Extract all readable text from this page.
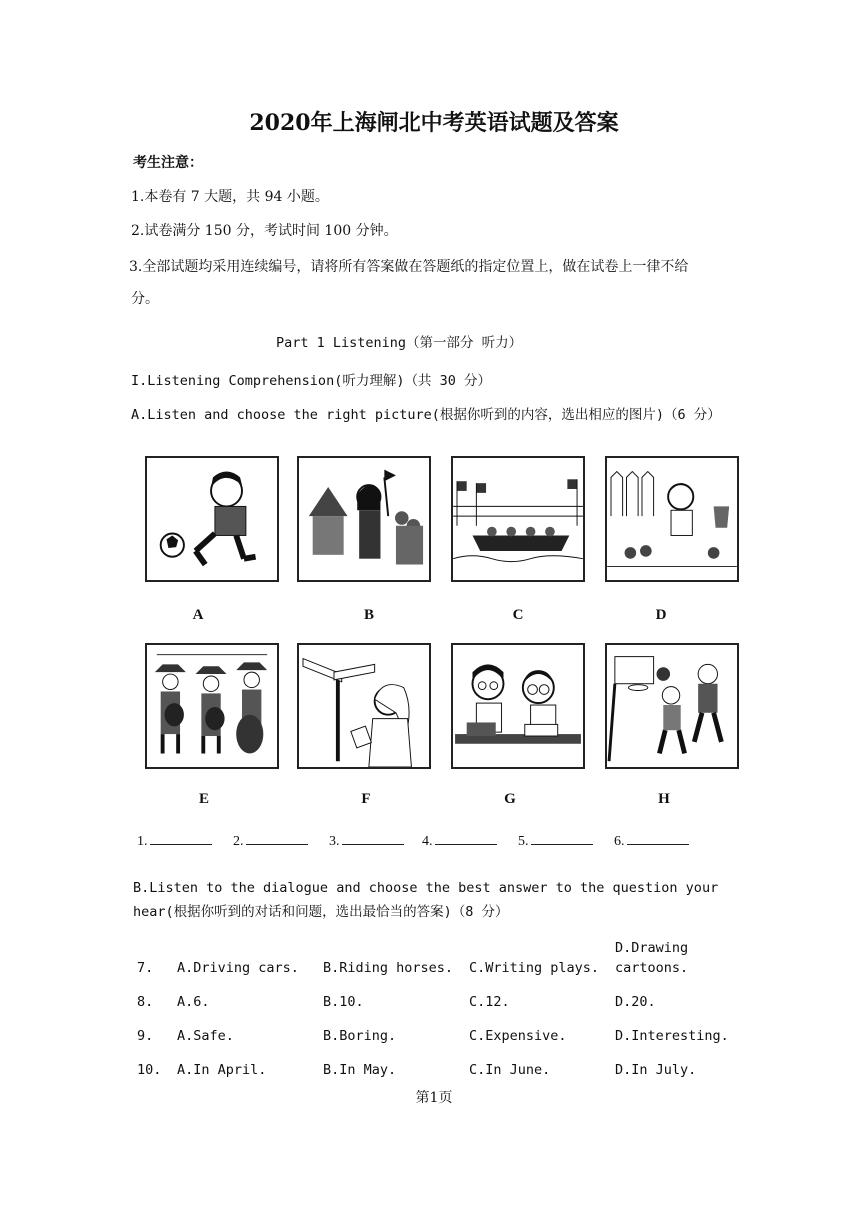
2020年上海闸北中考英语试题及答案
考生注意：
1.本卷有 7 大题，共 94 小题。
2.试卷满分 150 分，考试时间 100 分钟。
3.全部试题均采用连续编号，请将所有答案做在答题纸的指定位置上，做在试卷上一律不给
分。
Part 1 Listening（第一部分 听力）
I.Listening Comprehension(听力理解)（共 30 分）
A.Listen and choose the right picture(根据你听到的内容，选出相应的图片)（6 分）
A	B	C	D
E	F	G	H
1.	2.	3.	4.	5.	6.
B.Listen to the dialogue and choose the best answer to the question your hear(根据你听到的对话和问题，选出最恰当的答案)（8 分）
7. A.Driving cars. B.Riding horses. C.Writing plays.
D.Drawing cartoons.
8. A.6.	B.10.	C.12.	D.20.
9. A.Safe.	B.Boring.	C.Expensive.	D.Interesting.
10. A.In April.	B.In May.	C.In June.	D.In July.
第1页
